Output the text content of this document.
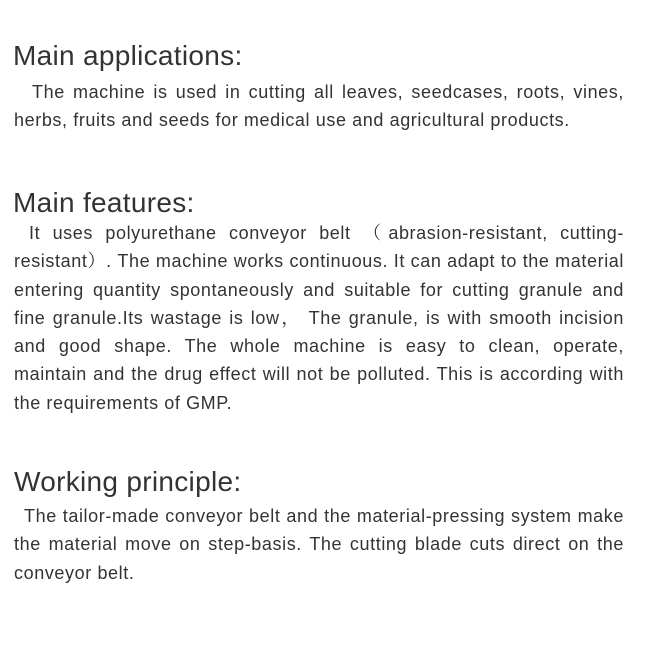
Main applications:

The machine is used in cutting all leaves, seedcases, roots, vines, herbs, fruits and seeds for medical use and agricultural products.

Main features:

It uses polyurethane conveyor belt （abrasion-resistant, cutting-resistant）. The machine works continuous. It can adapt to the material entering quantity spontaneously and suitable for cutting granule and fine granule.Its wastage is low， The granule, is with smooth incision and good shape. The whole machine is easy to clean, operate, maintain and the drug effect will not be polluted. This is according with the requirements of GMP.

Working principle:

The tailor-made conveyor belt and the material-pressing system make the material move on step-basis. The cutting blade cuts direct on the conveyor belt.
